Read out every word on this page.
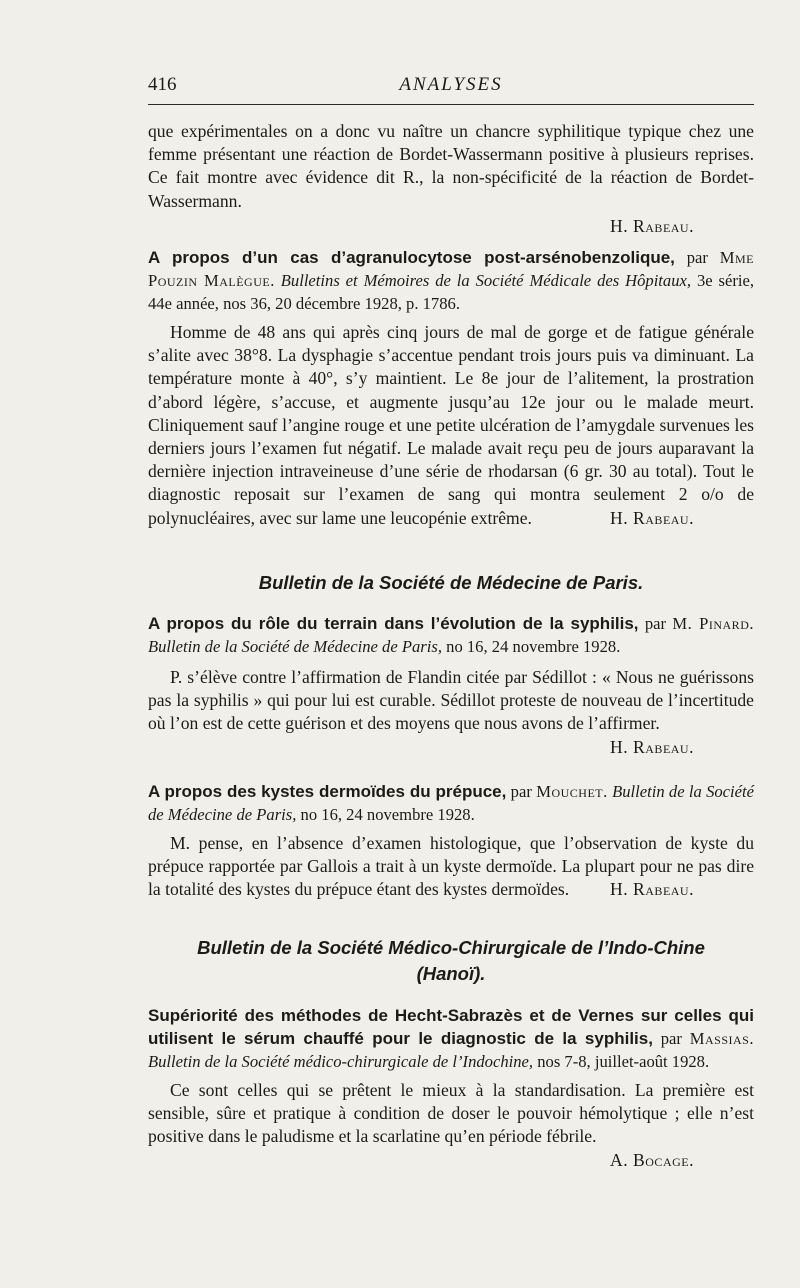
416	ANALYSES

que expérimentales on a donc vu naître un chancre syphilitique typique chez une femme présentant une réaction de Bordet-Wassermann positive à plusieurs reprises. Ce fait montre avec évidence dit R., la non-spécificité de la réaction de Bordet-Wassermann.

H. Rabeau.

A propos d’un cas d’agranulocytose post-arsénobenzolique, par Mme Pouzin Malègue. Bulletins et Mémoires de la Société Médicale des Hôpitaux, 3e série, 44e année, nos 36, 20 décembre 1928, p. 1786.

Homme de 48 ans qui après cinq jours de mal de gorge et de fatigue générale s’alite avec 38°8. La dysphagie s’accentue pendant trois jours puis va diminuant. La température monte à 40°, s’y maintient. Le 8e jour de l’alitement, la prostration d’abord légère, s’accuse, et augmente jusqu’au 12e jour ou le malade meurt. Cliniquement sauf l’angine rouge et une petite ulcération de l’amygdale survenues les derniers jours l’examen fut négatif. Le malade avait reçu peu de jours auparavant la dernière injection intraveineuse d’une série de rhodarsan (6 gr. 30 au total). Tout le diagnostic reposait sur l’examen de sang qui montra seulement 2 o/o de polynucléaires, avec sur lame une leucopénie extrême.	H. Rabeau.

Bulletin de la Société de Médecine de Paris.

A propos du rôle du terrain dans l’évolution de la syphilis, par M. Pinard. Bulletin de la Société de Médecine de Paris, no 16, 24 novembre 1928.

P. s’élève contre l’affirmation de Flandin citée par Sédillot : « Nous ne guérissons pas la syphilis » qui pour lui est curable. Sédillot proteste de nouveau de l’incertitude où l’on est de cette guérison et des moyens que nous avons de l’affirmer.
H. Rabeau.

A propos des kystes dermoïdes du prépuce, par Mouchet. Bulletin de la Société de Médecine de Paris, no 16, 24 novembre 1928.

M. pense, en l’absence d’examen histologique, que l’observation de kyste du prépuce rapportée par Gallois a trait à un kyste dermoïde. La plupart pour ne pas dire la totalité des kystes du prépuce étant des kystes dermoïdes.	H. Rabeau.

Bulletin de la Société Médico-Chirurgicale de l’Indo-Chine (Hanoï).

Supériorité des méthodes de Hecht-Sabrazès et de Vernes sur celles qui utilisent le sérum chauffé pour le diagnostic de la syphilis, par Massias. Bulletin de la Société médico-chirurgicale de l’Indochine, nos 7-8, juillet-août 1928.

Ce sont celles qui se prêtent le mieux à la standardisation. La première est sensible, sûre et pratique à condition de doser le pouvoir hémolytique ; elle n’est positive dans le paludisme et la scarlatine qu’en période fébrile.
A. Bocage.
